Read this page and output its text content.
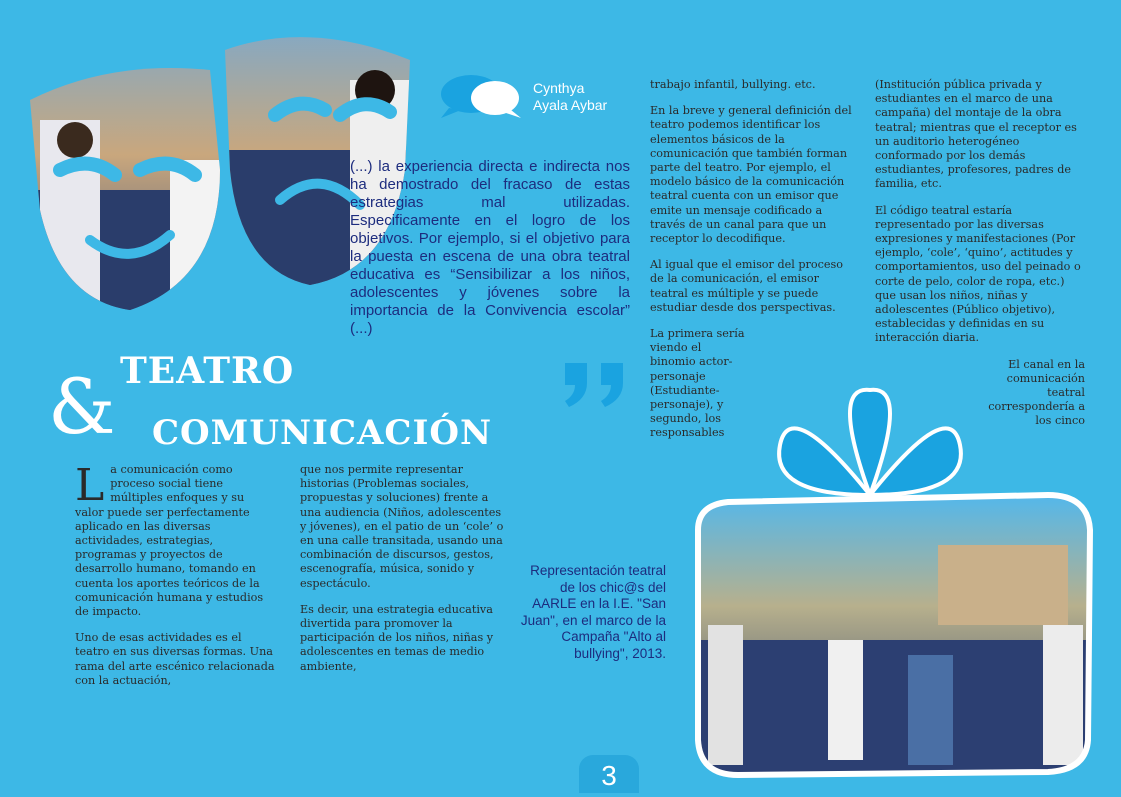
Cynthya
Ayala Aybar
(...) la experiencia directa e indirecta nos ha demostrado del fracaso de estas estrategias mal utilizadas. Especificamente en el logro de los objetivos. Por ejemplo, si el objetivo para la puesta en escena de una obra teatral educativa es “Sensibilizar a los niños, adolescentes y jóvenes sobre la importancia de la Convivencia escolar” (...)
TEATRO
& COMUNICACIÓN

La comunicación como proceso social tiene múltiples enfoques y su valor puede ser perfectamente aplicado en las diversas actividades, estrategias, programas y proyectos de desarrollo humano, tomando en cuenta los aportes teóricos de la comunicación humana y estudios de impacto.

Uno de esas actividades es el teatro en sus diversas formas. Una rama del arte escénico relacionada con la actuación,

que nos permite representar historias (Problemas sociales, propuestas y soluciones) frente a una audiencia (Niños, adolescentes y jóvenes), en el patio de un ‘cole’ o en una calle transitada, usando una combinación de discursos, gestos, escenografía, música, sonido y espectáculo.

Es decir, una estrategia educativa divertida para promover la participación de los niños, niñas y adolescentes en temas de medio ambiente,

trabajo infantil, bullying. etc.

En la breve y general definición del teatro podemos identificar los elementos básicos de la comunicación que también forman parte del teatro. Por ejemplo, el modelo básico de la comunicación teatral cuenta con un emisor que emite un mensaje codificado a través de un canal para que un receptor lo decodifique.

Al igual que el emisor del proceso de la comunicación, el emisor teatral es múltiple y se puede estudiar desde dos perspectivas.

La primera sería viendo el binomio actor-personaje (Estudiante-personaje), y segundo, los responsables

(Institución pública privada y estudiantes en el marco de una campaña) del montaje de la obra teatral; mientras que el receptor es un auditorio heterogéneo conformado por los demás estudiantes, profesores, padres de familia, etc.

El código teatral estaría representado por las diversas expresiones y manifestaciones (Por ejemplo, ‘cole’, ‘quino’, actitudes y comportamientos, uso del peinado o corte de pelo, color de ropa, etc.) que usan los niños, niñas y adolescentes (Público objetivo), establecidas y definidas en su interacción diaria.

El canal en la comunicación teatral correspondería a los cinco

Representación teatral de los chic@s del AARLE en la I.E. "San Juan", en el marco de la Campaña "Alto al bullying", 2013.
3
